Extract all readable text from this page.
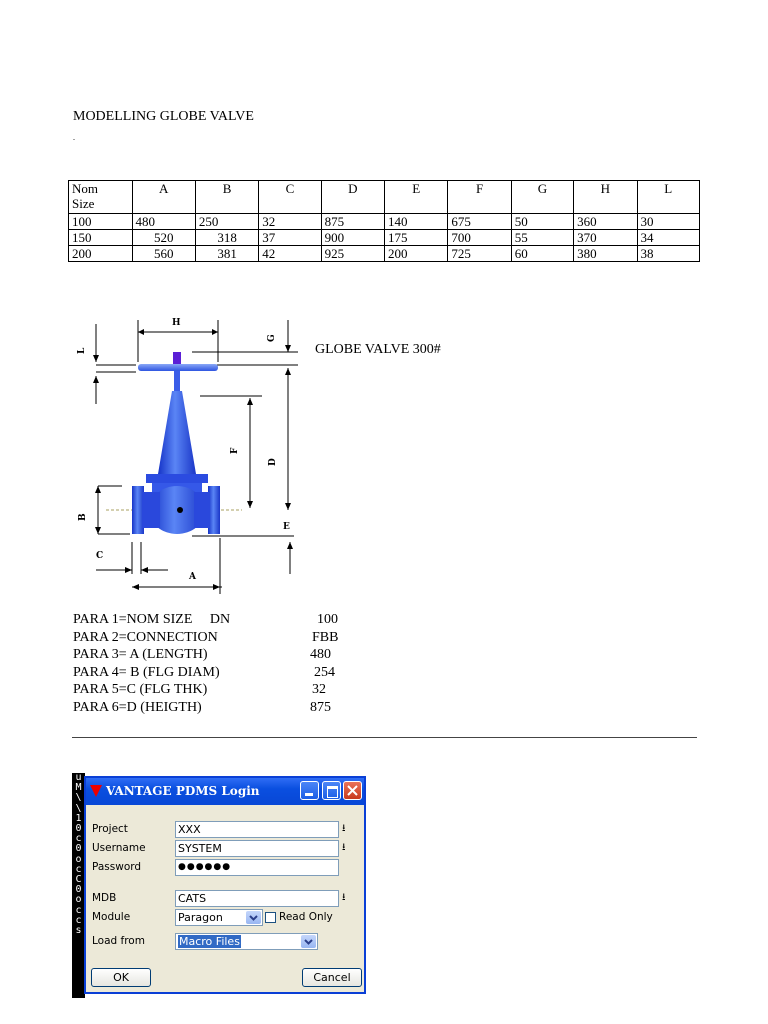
MODELLING GLOBE VALVE
.
Nom
Size	A	B	C	D	E	F	G	H	L
100	480	250	32	875	140	675	50	360	30
150	520	318	37	900	175	700	55	370	34
200	560	381	42	925	200	725	60	380	38
H
G
L
F
D
B
E
C
A
GLOBE VALVE 300#
PARA 1=NOM SIZE     DN	100
PARA 2=CONNECTION	FBB
PARA 3= A (LENGTH)	480
PARA 4= B (FLG DIAM)	254
PARA 5=C (FLG THK)	32
PARA 6=D (HEIGTH)	875
u
M
\
\
1
0
c
0
o
c
C
0
o
c
c
s
VANTAGE PDMS Login
Project	XXX	⭳
Username	SYSTEM	⭳
Password	●●●●●●
MDB	CATS	⭳
Module	Paragon	Read Only
Load from	Macro Files
OK	Cancel
